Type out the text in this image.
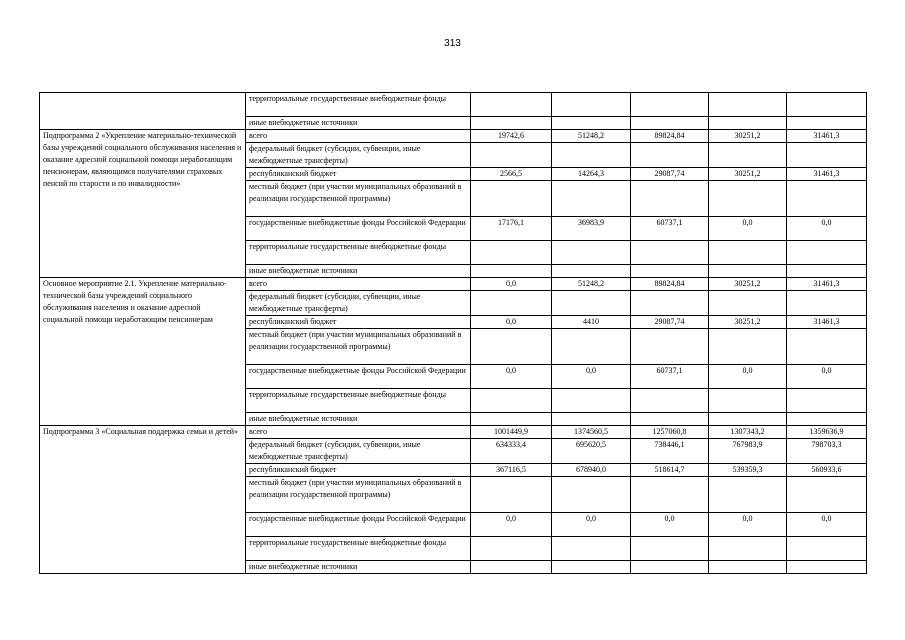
313
	территориальные государственные внебюджетные фонды					
	иные внебюджетные источники					
Подпрограмма 2 «Укрепление материально-технической базы учреждений социального обслуживания населения и оказание адресной социальной помощи неработающим пенсионерам, являющимся получателями страховых пенсий по старости и по инвалидности»	всего	19742,6	51248,2	89824,84	30251,2	31461,3
	федеральный бюджет (субсидии, субвенции, иные межбюджетные трансферты)					
	республиканский бюджет	2566,5	14264,3	29087,74	30251,2	31461,3
	местный бюджет (при участии муниципальных образований в реализации государственной программы)					
	государственные внебюджетные фонды Российской Федерации	17176,1	36983,9	60737,1	0,0	0,0
	территориальные государственные внебюджетные фонды					
	иные внебюджетные источники					
Основное мероприятие 2.1. Укрепление материально-технической базы учреждений социального обслуживания населения и оказание адресной социальной помощи неработающим пенсионерам	всего	0,0	51248,2	89824,84	30251,2	31461,3
	федеральный бюджет (субсидии, субвенции, иные межбюджетные трансферты)					
	республиканский бюджет	0,0	4410	29087,74	30251,2	31461,3
	местный бюджет (при участии муниципальных образований в реализации государственной программы)					
	государственные внебюджетные фонды Российской Федерации	0,0	0,0	60737,1	0,0	0,0
	территориальные государственные внебюджетные фонды					
	иные внебюджетные источники					
Подпрограмма 3 «Социальная поддержка семьи и детей»	всего	1001449,9	1374560,5	1257060,8	1307343,2	1359636,9
	федеральный бюджет (субсидии, субвенции, иные межбюджетные трансферты)	634333,4	695620,5	738446,1	767983,9	798703,3
	республиканский бюджет	367116,5	678940,0	518614,7	539359,3	560933,6
	местный бюджет (при участии муниципальных образований в реализации государственной программы)					
	государственные внебюджетные фонды Российской Федерации	0,0	0,0	0,0	0,0	0,0
	территориальные государственные внебюджетные фонды					
	иные внебюджетные источники					
